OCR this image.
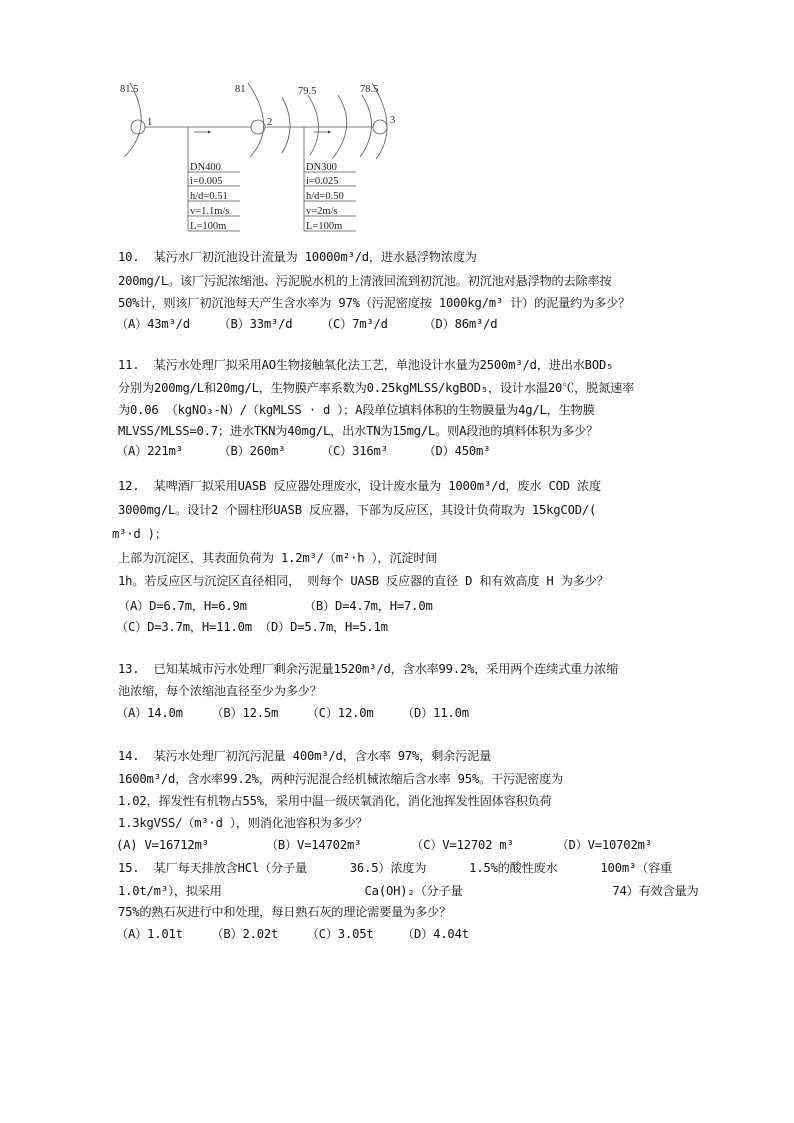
81.5	81	79.5	78.5
1	2	3
DN400
i=0.005
h/d=0.51
v=1.1m/s
L=100m
DN300
i=0.025
h/d=0.50
v=2m/s
L=100m
10.  某污水厂初沉池设计流量为 10000m³/d，进水悬浮物浓度为
200mg/L。该厂污泥浓缩池、污泥脱水机的上清液回流到初沉池。初沉池对悬浮物的去除率按
50%计，则该厂初沉池每天产生含水率为 97%（污泥密度按 1000kg/m³ 计）的泥量约为多少？
（A）43m³/d    （B）33m³/d    （C）7m³/d     （D）86m³/d
11.  某污水处理厂拟采用AO生物接触氧化法工艺，单池设计水量为2500m³/d，进出水BOD₅
分别为200mg/L和20mg/L，生物膜产率系数为0.25kgMLSS/kgBOD₅，设计水温20℃，脱氮速率
为0.06 （kgNO₃-N）/（kgMLSS · d ）；A段单位填料体积的生物膜量为4g/L，生物膜
MLVSS/MLSS=0.7；进水TKN为40mg/L，出水TN为15mg/L。则A段池的填料体积为多少？
（A）221m³     （B）260m³     （C）316m³     （D）450m³
12.  某啤酒厂拟采用UASB 反应器处理废水，设计废水量为 1000m³/d，废水 COD 浓度
3000mg/L。设计2 个圆柱形UASB 反应器，下部为反应区，其设计负荷取为 15kgCOD/(
m³·d )；
上部为沉淀区，其表面负荷为 1.2m³/（m²·h ），沉淀时间
1h。若反应区与沉淀区直径相同， 则每个 UASB 反应器的直径 D 和有效高度 H 为多少？
（A）D=6.7m，H=6.9m        （B）D=4.7m，H=7.0m
（C）D=3.7m，H=11.0m （D）D=5.7m，H=5.1m
13.  已知某城市污水处理厂剩余污泥量1520m³/d，含水率99.2%，采用两个连续式重力浓缩
池浓缩，每个浓缩池直径至少为多少？
（A）14.0m    （B）12.5m    （C）12.0m    （D）11.0m
14.  某污水处理厂初沉污泥量 400m³/d，含水率 97%，剩余污泥量
1600m³/d，含水率99.2%，两种污泥混合经机械浓缩后含水率 95%。干污泥密度为
1.02，挥发性有机物占55%，采用中温一级厌氧消化，消化池挥发性固体容积负荷
1.3kgVSS/（m³·d ），则消化池容积为多少？
(A) V=16712m³        （B）V=14702m³       （C）V=12702 m³      （D）V=10702m³
15.  某厂每天排放含HCl（分子量      36.5）浓度为      1.5%的酸性废水      100m³（容重
1.0t/m³），拟采用                    Ca(OH)₂（分子量                     74）有效含量为
75%的熟石灰进行中和处理，每日熟石灰的理论需要量为多少？
（A）1.01t    （B）2.02t    （C）3.05t    （D）4.04t
